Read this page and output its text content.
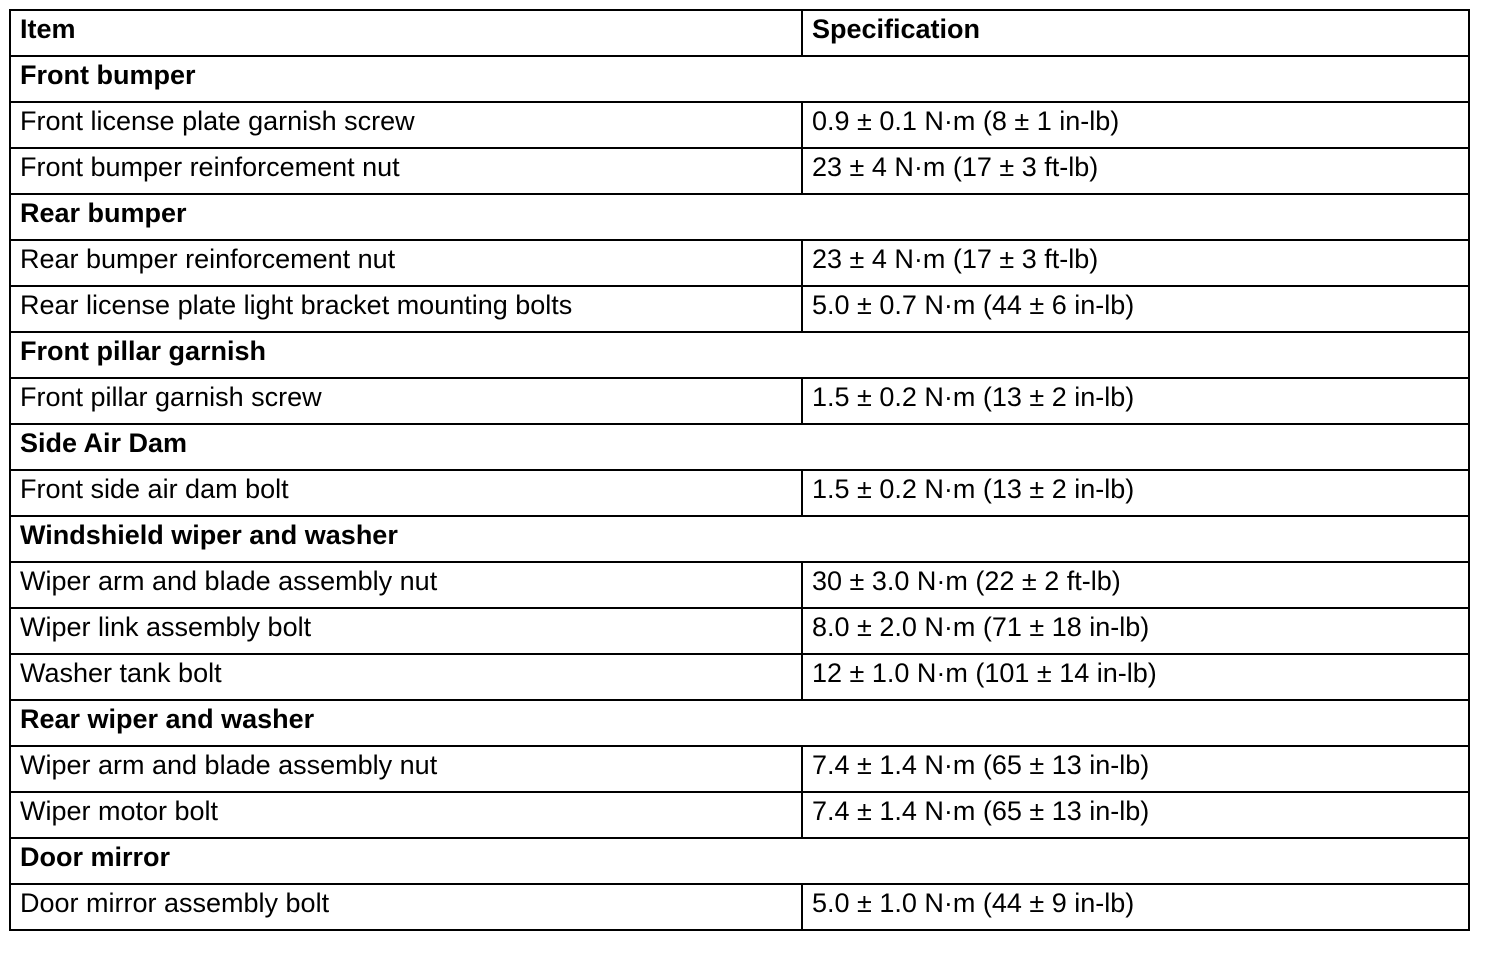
Item	Specification
Front bumper	
Front license plate garnish screw	0.9 ± 0.1 N·m (8 ± 1 in-lb)
Front bumper reinforcement nut	23 ± 4 N·m (17 ± 3 ft-lb)
Rear bumper	
Rear bumper reinforcement nut	23 ± 4 N·m (17 ± 3 ft-lb)
Rear license plate light bracket mounting bolts	5.0 ± 0.7 N·m (44 ± 6 in-lb)
Front pillar garnish	
Front pillar garnish screw	1.5 ± 0.2 N·m (13 ± 2 in-lb)
Side Air Dam	
Front side air dam bolt	1.5 ± 0.2 N·m (13 ± 2 in-lb)
Windshield wiper and washer	
Wiper arm and blade assembly nut	30 ± 3.0 N·m (22 ± 2 ft-lb)
Wiper link assembly bolt	8.0 ± 2.0 N·m (71 ± 18 in-lb)
Washer tank bolt	12 ± 1.0 N·m (101 ± 14 in-lb)
Rear wiper and washer	
Wiper arm and blade assembly nut	7.4 ± 1.4 N·m (65 ± 13 in-lb)
Wiper motor bolt	7.4 ± 1.4 N·m (65 ± 13 in-lb)
Door mirror	
Door mirror assembly bolt	5.0 ± 1.0 N·m (44 ± 9 in-lb)
